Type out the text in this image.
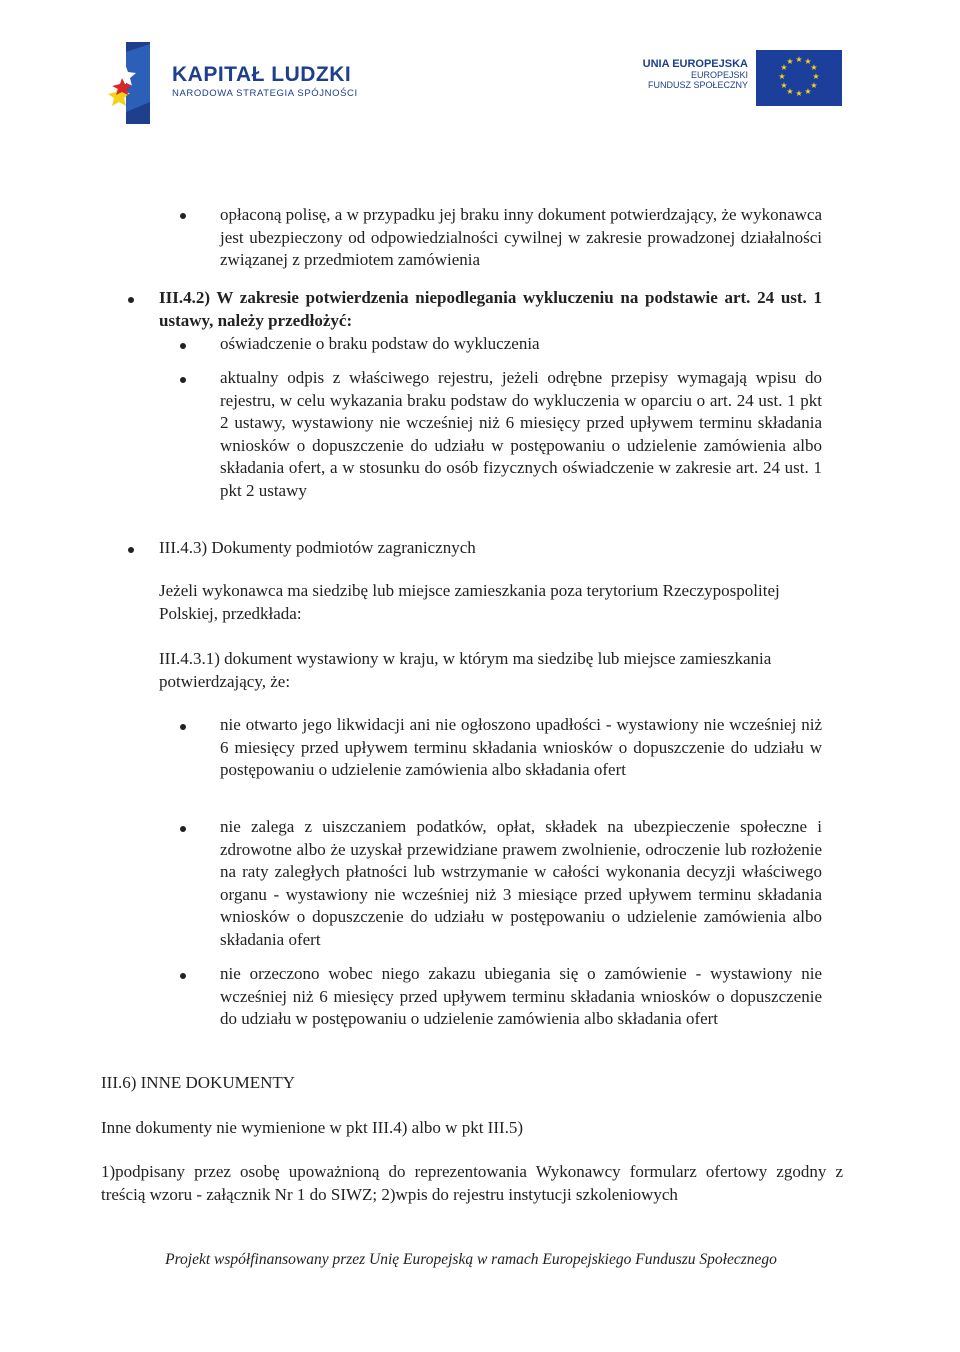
KAPITAŁ LUDZKI
NARODOWA STRATEGIA SPÓJNOŚCI
UNIA EUROPEJSKA
EUROPEJSKI
FUNDUSZ SPOŁECZNY
★ ★
★
★
★
★
★
★
★
★
★
★
opłaconą polisę, a w przypadku jej braku inny dokument potwierdzający, że wykonawca jest ubezpieczony od odpowiedzialności cywilnej w zakresie prowadzonej działalności związanej z przedmiotem zamówienia
III.4.2) W zakresie potwierdzenia niepodlegania wykluczeniu na podstawie art. 24 ust. 1 ustawy, należy przedłożyć:
oświadczenie o braku podstaw do wykluczenia
aktualny odpis z właściwego rejestru, jeżeli odrębne przepisy wymagają wpisu do rejestru, w celu wykazania braku podstaw do wykluczenia w oparciu o art. 24 ust. 1 pkt 2 ustawy, wystawiony nie wcześniej niż 6 miesięcy przed upływem terminu składania wniosków o dopuszczenie do udziału w postępowaniu o udzielenie zamówienia albo składania ofert, a w stosunku do osób fizycznych oświadczenie w zakresie art. 24 ust. 1 pkt 2 ustawy
III.4.3) Dokumenty podmiotów zagranicznych
Jeżeli wykonawca ma siedzibę lub miejsce zamieszkania poza terytorium Rzeczypospolitej Polskiej, przedkłada:
III.4.3.1) dokument wystawiony w kraju, w którym ma siedzibę lub miejsce zamieszkania potwierdzający, że:
nie otwarto jego likwidacji ani nie ogłoszono upadłości - wystawiony nie wcześniej niż 6 miesięcy przed upływem terminu składania wniosków o dopuszczenie do udziału w postępowaniu o udzielenie zamówienia albo składania ofert
nie zalega z uiszczaniem podatków, opłat, składek na ubezpieczenie społeczne i zdrowotne albo że uzyskał przewidziane prawem zwolnienie, odroczenie lub rozłożenie na raty zaległych płatności lub wstrzymanie w całości wykonania decyzji właściwego organu - wystawiony nie wcześniej niż 3 miesiące przed upływem terminu składania wniosków o dopuszczenie do udziału w postępowaniu o udzielenie zamówienia albo składania ofert
nie orzeczono wobec niego zakazu ubiegania się o zamówienie - wystawiony nie wcześniej niż 6 miesięcy przed upływem terminu składania wniosków o dopuszczenie do udziału w postępowaniu o udzielenie zamówienia albo składania ofert
III.6) INNE DOKUMENTY
Inne dokumenty nie wymienione w pkt III.4) albo w pkt III.5)
1)podpisany przez osobę upoważnioną do reprezentowania Wykonawcy formularz ofertowy zgodny z treścią wzoru - załącznik Nr 1 do SIWZ; 2)wpis do rejestru instytucji szkoleniowych
Projekt współfinansowany przez Unię Europejską w ramach Europejskiego Funduszu Społecznego
